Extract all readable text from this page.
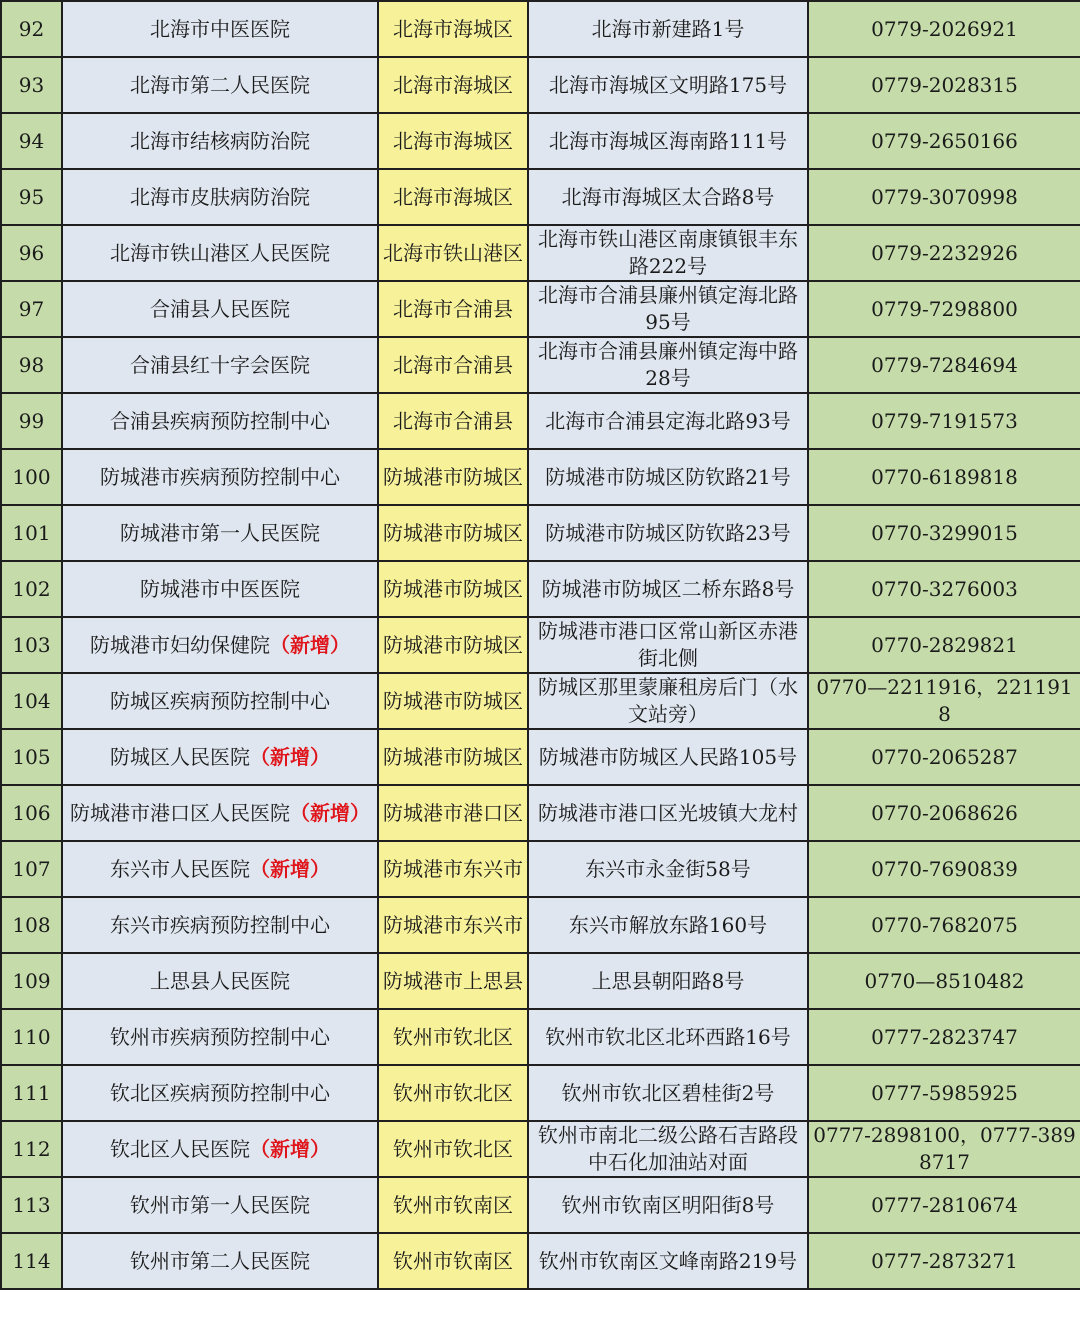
92	北海市中医医院	北海市海城区	北海市新建路1号	0779-2026921
93	北海市第二人民医院	北海市海城区	北海市海城区文明路175号	0779-2028315
94	北海市结核病防治院	北海市海城区	北海市海城区海南路111号	0779-2650166
95	北海市皮肤病防治院	北海市海城区	北海市海城区太合路8号	0779-3070998
96	北海市铁山港区人民医院	北海市铁山港区	北海市铁山港区南康镇银丰东路222号	0779-2232926
97	合浦县人民医院	北海市合浦县	北海市合浦县廉州镇定海北路95号	0779-7298800
98	合浦县红十字会医院	北海市合浦县	北海市合浦县廉州镇定海中路28号	0779-7284694
99	合浦县疾病预防控制中心	北海市合浦县	北海市合浦县定海北路93号	0779-7191573
100	防城港市疾病预防控制中心	防城港市防城区	防城港市防城区防钦路21号	0770-6189818
101	防城港市第一人民医院	防城港市防城区	防城港市防城区防钦路23号	0770-3299015
102	防城港市中医医院	防城港市防城区	防城港市防城区二桥东路8号	0770-3276003
103	防城港市妇幼保健院（新增）	防城港市防城区	防城港市港口区常山新区赤港街北侧	0770-2829821
104	防城区疾病预防控制中心	防城港市防城区	防城区那里蒙廉租房后门（水文站旁）	0770—2211916，2211918
105	防城区人民医院（新增）	防城港市防城区	防城港市防城区人民路105号	0770-2065287
106	防城港市港口区人民医院（新增）	防城港市港口区	防城港市港口区光坡镇大龙村	0770-2068626
107	东兴市人民医院（新增）	防城港市东兴市	东兴市永金街58号	0770-7690839
108	东兴市疾病预防控制中心	防城港市东兴市	东兴市解放东路160号	0770-7682075
109	上思县人民医院	防城港市上思县	上思县朝阳路8号	0770—8510482
110	钦州市疾病预防控制中心	钦州市钦北区	钦州市钦北区北环西路16号	0777-2823747
111	钦北区疾病预防控制中心	钦州市钦北区	钦州市钦北区碧桂街2号	0777-5985925
112	钦北区人民医院（新增）	钦州市钦北区	钦州市南北二级公路石吉路段中石化加油站对面	0777-2898100，0777-3898717
113	钦州市第一人民医院	钦州市钦南区	钦州市钦南区明阳街8号	0777-2810674
114	钦州市第二人民医院	钦州市钦南区	钦州市钦南区文峰南路219号	0777-2873271
